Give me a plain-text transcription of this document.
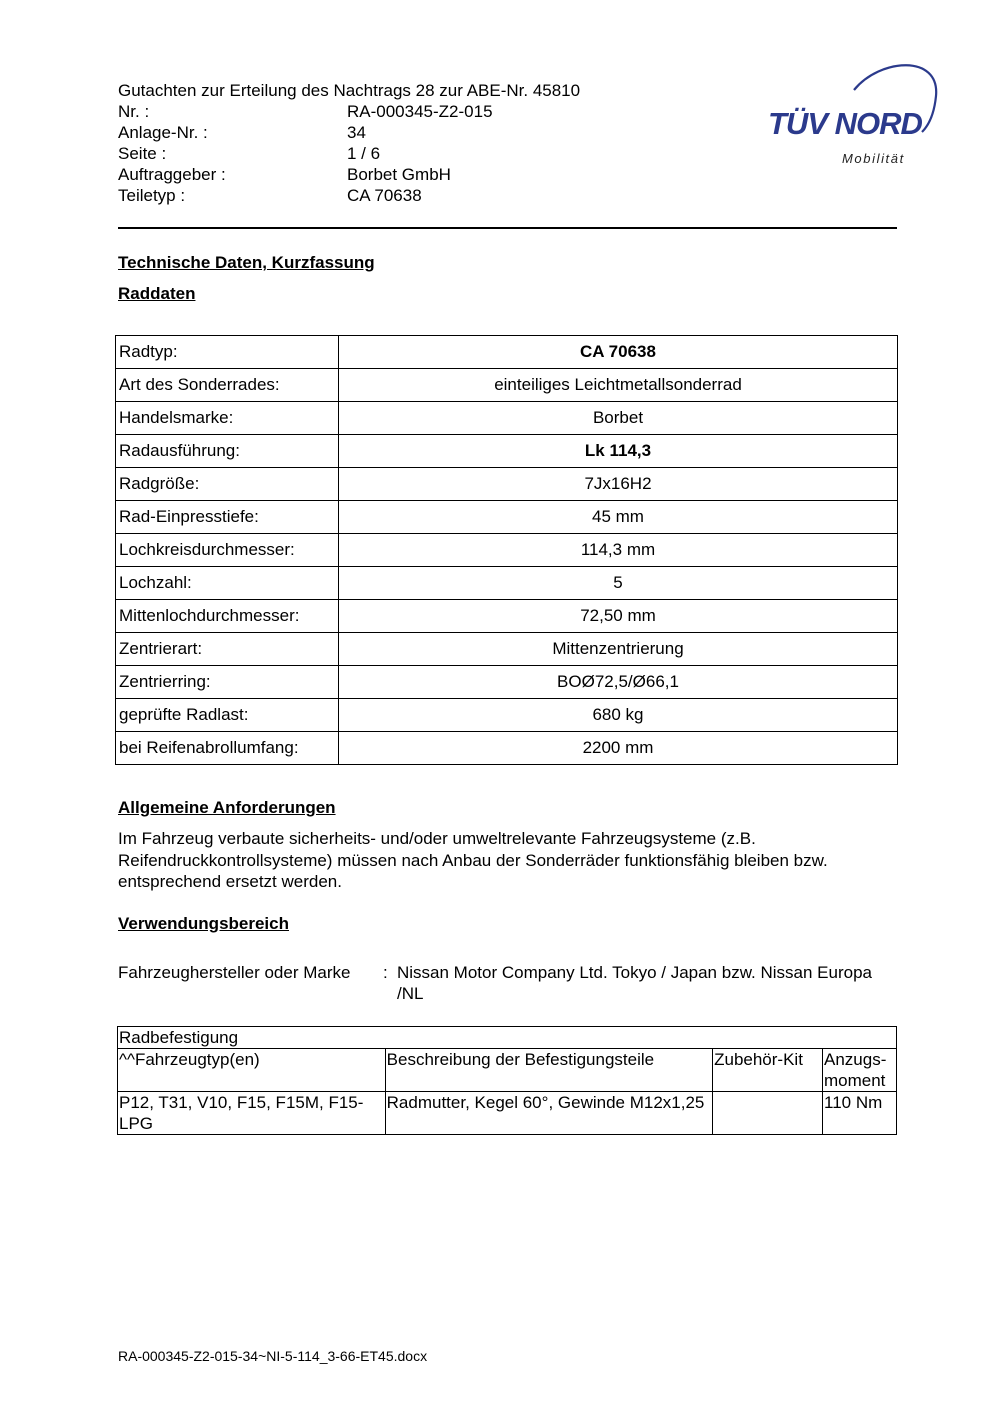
Gutachten zur Erteilung des Nachtrags 28 zur ABE-Nr. 45810
Nr. :	RA-000345-Z2-015
Anlage-Nr. :	34
Seite :	1 / 6
Auftraggeber :	Borbet GmbH
Teiletyp :	CA 70638
TÜV NORD
Mobilität
Technische Daten, Kurzfassung
Raddaten
Radtyp:	CA 70638
Art des Sonderrades:	einteiliges Leichtmetallsonderrad
Handelsmarke:	Borbet
Radausführung:	Lk 114,3
Radgröße:	7Jx16H2
Rad-Einpresstiefe:	45 mm
Lochkreisdurchmesser:	114,3 mm
Lochzahl:	5
Mittenlochdurchmesser:	72,50 mm
Zentrierart:	Mittenzentrierung
Zentrierring:	BOØ72,5/Ø66,1
geprüfte Radlast:	680 kg
bei Reifenabrollumfang:	2200 mm
Allgemeine Anforderungen
Im Fahrzeug verbaute sicherheits- und/oder umweltrelevante Fahrzeugsysteme (z.B. Reifendruckkontrollsysteme) müssen nach Anbau der Sonderräder funktionsfähig bleiben bzw. entsprechend ersetzt werden.
Verwendungsbereich
Fahrzeughersteller oder Marke : Nissan Motor Company Ltd. Tokyo / Japan bzw. Nissan Europa /NL
Radbefestigung			
^^Fahrzeugtyp(en)	Beschreibung der Befestigungsteile	Zubehör-Kit	Anzugs-moment
P12, T31, V10, F15, F15M, F15-LPG	Radmutter, Kegel 60°, Gewinde M12x1,25		110 Nm
RA-000345-Z2-015-34~NI-5-114_3-66-ET45.docx
